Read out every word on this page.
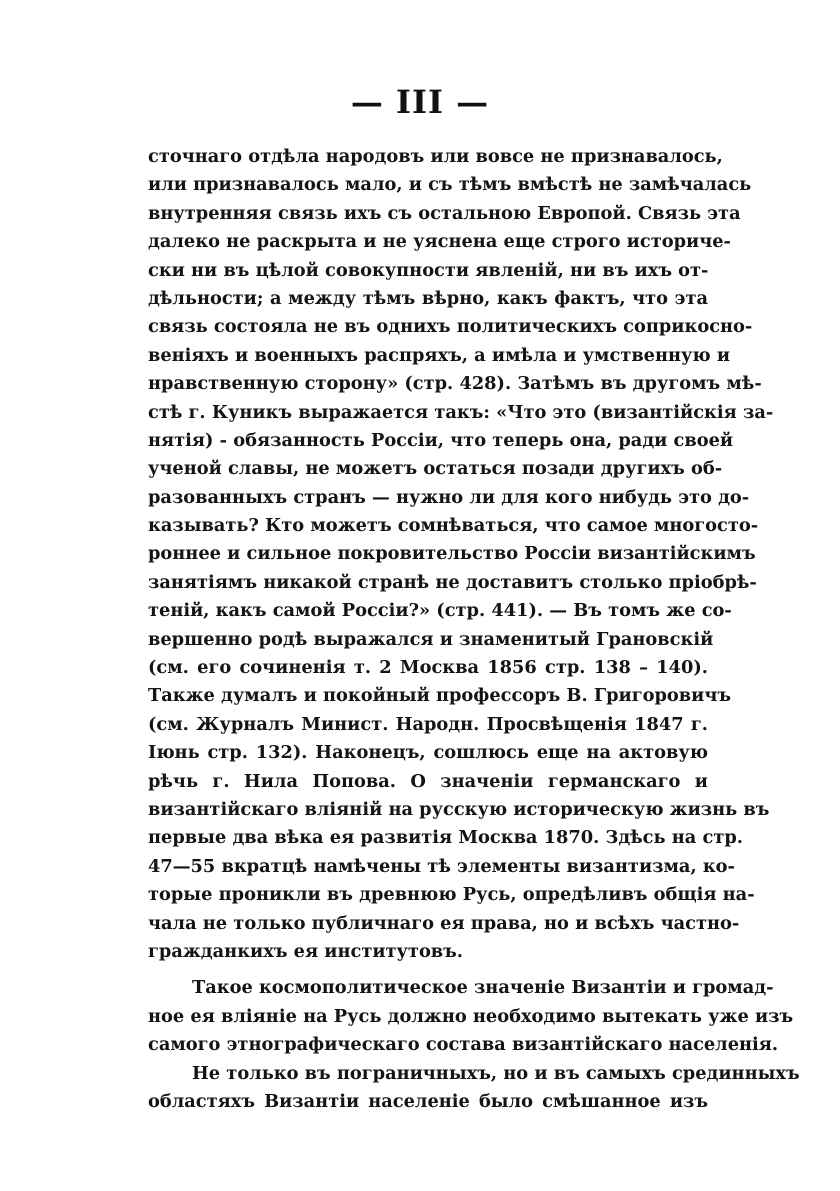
— III —
сточнаго отдѣла народовъ или вовсе не признавалось,
или признавалось мало, и съ тѣмъ вмѣстѣ не замѣчалась
внутренняя связь ихъ съ остальною Европой. Связь эта
далеко не раскрыта и не уяснена еще строго историче-
ски ни въ цѣлой совокупности явленій, ни въ ихъ от-
дѣльности; а между тѣмъ вѣрно, какъ фактъ, что эта
связь состояла не въ однихъ политическихъ соприкосно-
веніяхъ и военныхъ распряхъ, а имѣла и умственную и
нравственную сторону» (стр. 428). Затѣмъ въ другомъ мѣ-
стѣ г. Куникъ выражается такъ: «Что это (византійскія за-
нятія) - обязанность Россіи, что теперь она, ради своей
ученой славы, не можетъ остаться позади другихъ об-
разованныхъ странъ — нужно ли для кого нибудь это до-
казывать? Кто можетъ сомнѣваться, что самое многосто-
роннее и сильное покровительство Россіи византійскимъ
занятіямъ никакой странѣ не доставитъ столько пріобрѣ-
теній, какъ самой Россіи?» (стр. 441). — Въ томъ же со-
вершенно родѣ выражался и знаменитый Грановскій
(см. его сочиненія т. 2 Москва 1856 стр. 138 – 140).
Также думалъ и покойный профессоръ В. Григоровичъ
(см. Журналъ Минист. Народн. Просвѣщенія 1847 г.
Іюнь стр. 132). Наконецъ, сошлюсь еще на актовую
рѣчь г. Нила Попова. О значеніи германскаго и
византійскаго вліяній на русскую историческую жизнь въ
первые два вѣка ея развитія Москва 1870. Здѣсь на стр.
47—55 вкратцѣ намѣчены тѣ элементы византизма, ко-
торые проникли въ древнюю Русь, опредѣливъ общія на-
чала не только публичнаго ея права, но и всѣхъ частно-
гражданкихъ ея институтовъ.
Такое космополитическое значеніе Византіи и громад-
ное ея вліяніе на Русь должно необходимо вытекать уже изъ
самого этнографическаго состава византійскаго населенія.
Не только въ пограничныхъ, но и въ самыхъ срединныхъ
областяхъ Византіи населеніе было смѣшанное изъ
